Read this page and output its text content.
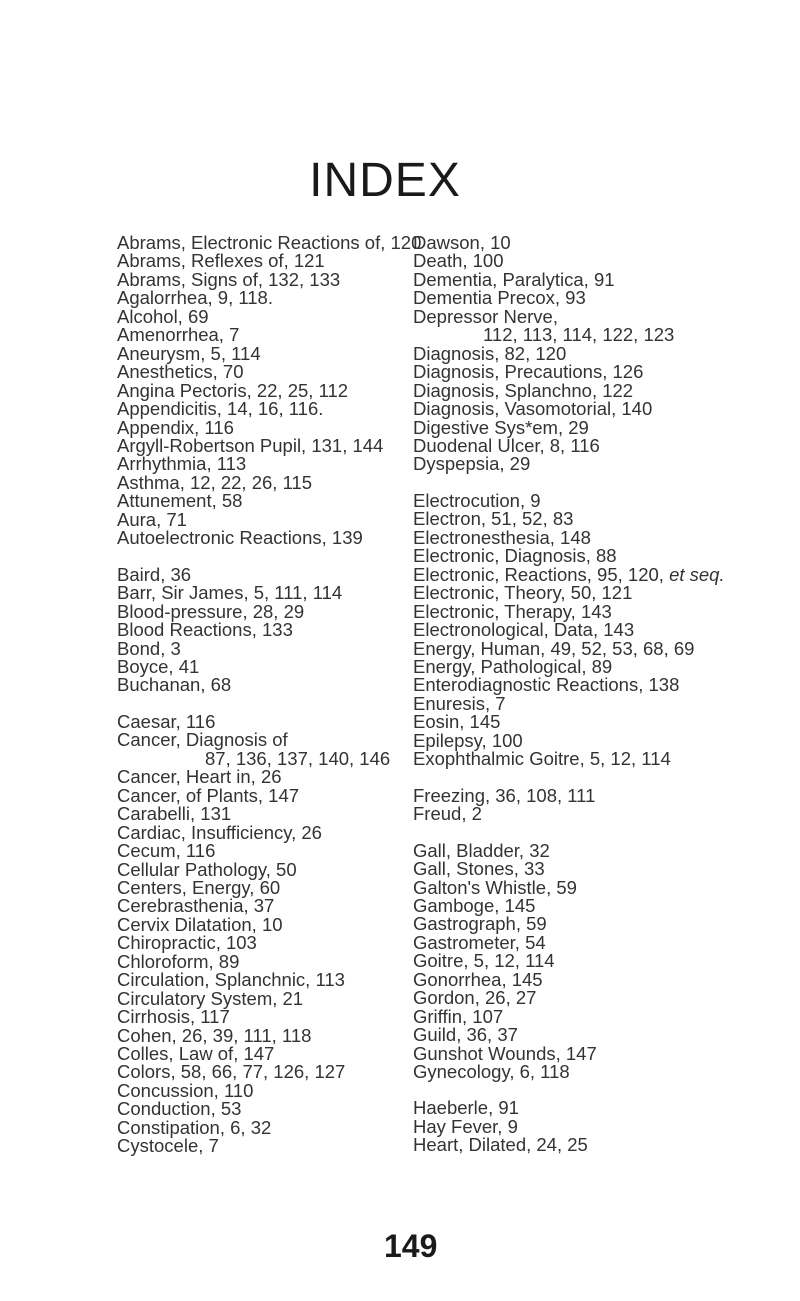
INDEX
Abrams, Electronic Reactions of, 120
Abrams, Reflexes of, 121
Abrams, Signs of, 132, 133
Agalorrhea, 9, 118.
Alcohol, 69
Amenorrhea, 7
Aneurysm, 5, 114
Anesthetics, 70
Angina Pectoris, 22, 25, 112
Appendicitis, 14, 16, 116.
Appendix, 116
Argyll-Robertson Pupil, 131, 144
Arrhythmia, 113
Asthma, 12, 22, 26, 115
Attunement, 58
Aura, 71
Autoelectronic Reactions, 139
Baird, 36
Barr, Sir James, 5, 111, 114
Blood-pressure, 28, 29
Blood Reactions, 133
Bond, 3
Boyce, 41
Buchanan, 68
Caesar, 116
Cancer, Diagnosis of
87, 136, 137, 140, 146
Cancer, Heart in, 26
Cancer, of Plants, 147
Carabelli, 131
Cardiac, Insufficiency, 26
Cecum, 116
Cellular Pathology, 50
Centers, Energy, 60
Cerebrasthenia, 37
Cervix Dilatation, 10
Chiropractic, 103
Chloroform, 89
Circulation, Splanchnic, 113
Circulatory System, 21
Cirrhosis, 117
Cohen, 26, 39, 111, 118
Colles, Law of, 147
Colors, 58, 66, 77, 126, 127
Concussion, 110
Conduction, 53
Constipation, 6, 32
Cystocele, 7
Dawson, 10
Death, 100
Dementia, Paralytica, 91
Dementia Precox, 93
Depressor Nerve,
112, 113, 114, 122, 123
Diagnosis, 82, 120
Diagnosis, Precautions, 126
Diagnosis, Splanchno, 122
Diagnosis, Vasomotorial, 140
Digestive Sys*em, 29
Duodenal Ulcer, 8, 116
Dyspepsia, 29
Electrocution, 9
Electron, 51, 52, 83
Electronesthesia, 148
Electronic, Diagnosis, 88
Electronic, Reactions, 95, 120, et seq.
Electronic, Theory, 50, 121
Electronic, Therapy, 143
Electronological, Data, 143
Energy, Human, 49, 52, 53, 68, 69
Energy, Pathological, 89
Enterodiagnostic Reactions, 138
Enuresis, 7
Eosin, 145
Epilepsy, 100
Exophthalmic Goitre, 5, 12, 114
Freezing, 36, 108, 111
Freud, 2
Gall, Bladder, 32
Gall, Stones, 33
Galton's Whistle, 59
Gamboge, 145
Gastrograph, 59
Gastrometer, 54
Goitre, 5, 12, 114
Gonorrhea, 145
Gordon, 26, 27
Griffin, 107
Guild, 36, 37
Gunshot Wounds, 147
Gynecology, 6, 118
Haeberle, 91
Hay Fever, 9
Heart, Dilated, 24, 25
149
